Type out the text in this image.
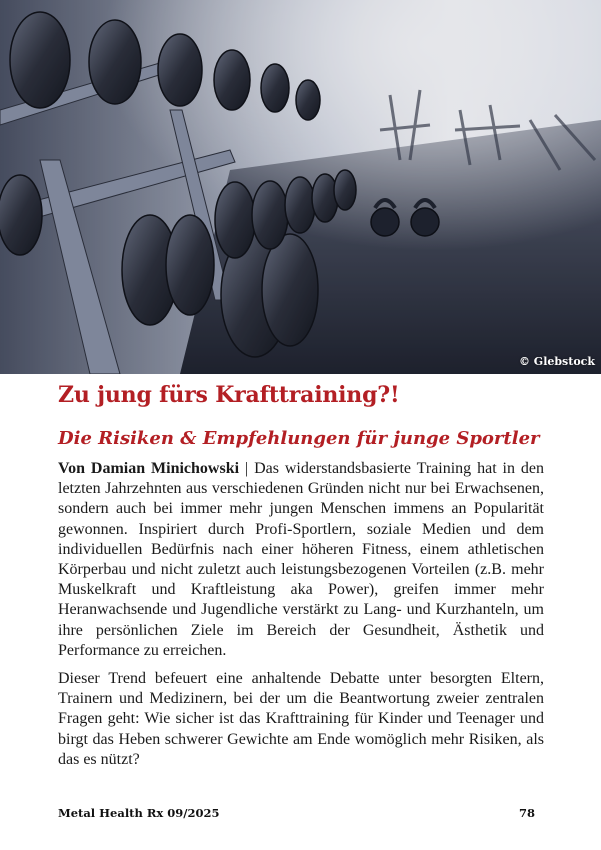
© Glebstock
Zu jung fürs Krafttraining?!
Die Risiken & Empfehlungen für junge Sportler

Von Damian Minichowski | Das widerstandsbasierte Training hat in den letzten Jahrzehnten aus verschiedenen Gründen nicht nur bei Erwachsenen, sondern auch bei immer mehr jungen Menschen immens an Popularität gewonnen. Inspiriert durch Profi-Sportlern, soziale Medien und dem individuellen Bedürfnis nach einer höheren Fitness, einem athletischen Körperbau und nicht zuletzt auch leistungsbezogenen Vorteilen (z.B. mehr Muskelkraft und Kraftleistung aka Power), greifen immer mehr Heranwachsende und Jugendliche verstärkt zu Lang- und Kurzhanteln, um ihre persönlichen Ziele im Bereich der Gesundheit, Ästhetik und Performance zu erreichen.

Dieser Trend befeuert eine anhaltende Debatte unter besorgten Eltern, Trainern und Medizinern, bei der um die Beantwortung zweier zentralen Fragen geht: Wie sicher ist das Krafttraining für Kinder und Teenager und birgt das Heben schwerer Gewichte am Ende womöglich mehr Risiken, als das es nützt?

Metal Health Rx 09/2025	78
